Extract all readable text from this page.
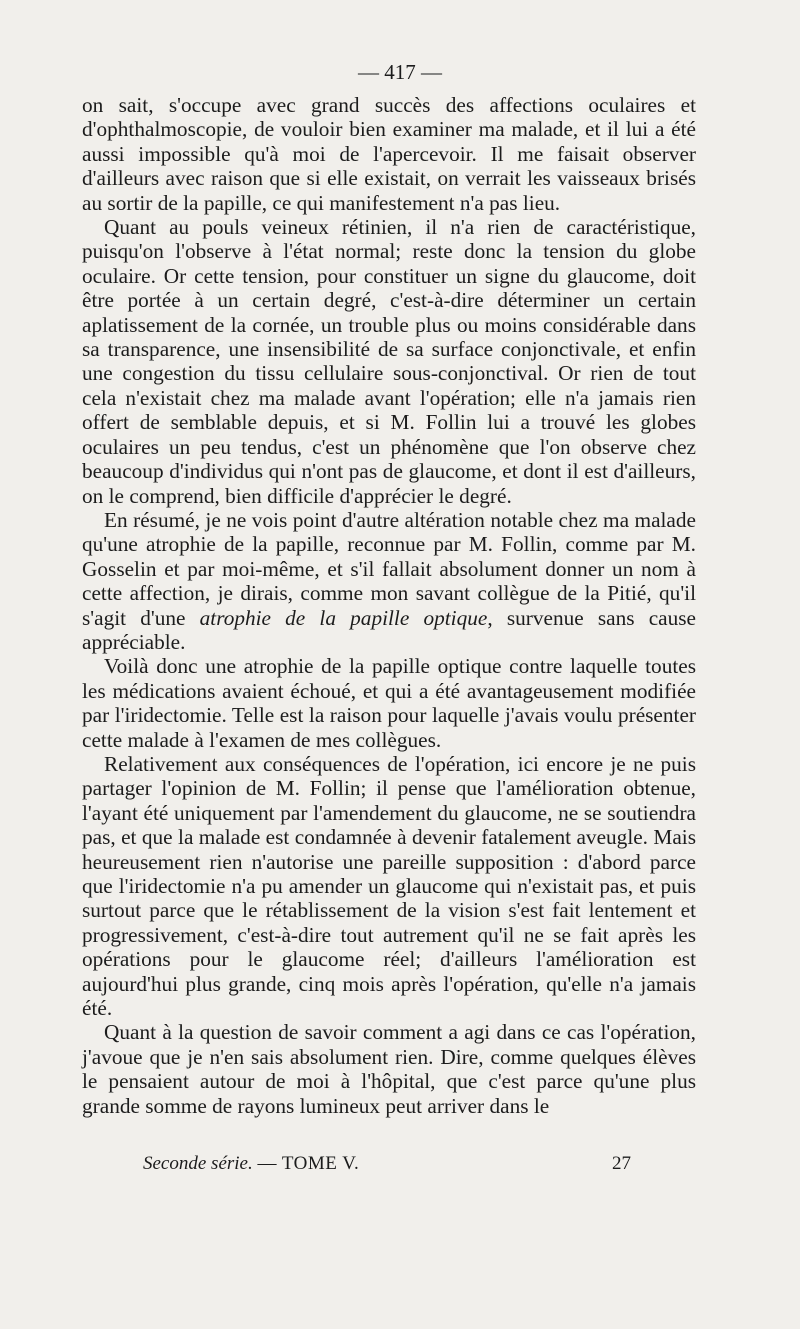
— 417 —

on sait, s'occupe avec grand succès des affections oculaires et d'ophthalmoscopie, de vouloir bien examiner ma malade, et il lui a été aussi impossible qu'à moi de l'apercevoir. Il me faisait observer d'ailleurs avec raison que si elle existait, on verrait les vaisseaux brisés au sortir de la papille, ce qui manifestement n'a pas lieu.

Quant au pouls veineux rétinien, il n'a rien de caractéristique, puisqu'on l'observe à l'état normal; reste donc la tension du globe oculaire. Or cette tension, pour constituer un signe du glaucome, doit être portée à un certain degré, c'est-à-dire déterminer un certain aplatissement de la cornée, un trouble plus ou moins considérable dans sa transparence, une insensibilité de sa surface conjonctivale, et enfin une congestion du tissu cellulaire sous-conjonctival. Or rien de tout cela n'existait chez ma malade avant l'opération; elle n'a jamais rien offert de semblable depuis, et si M. Follin lui a trouvé les globes oculaires un peu tendus, c'est un phénomène que l'on observe chez beaucoup d'individus qui n'ont pas de glaucome, et dont il est d'ailleurs, on le comprend, bien difficile d'apprécier le degré.

En résumé, je ne vois point d'autre altération notable chez ma malade qu'une atrophie de la papille, reconnue par M. Follin, comme par M. Gosselin et par moi-même, et s'il fallait absolument donner un nom à cette affection, je dirais, comme mon savant collègue de la Pitié, qu'il s'agit d'une atrophie de la papille optique, survenue sans cause appréciable.

Voilà donc une atrophie de la papille optique contre laquelle toutes les médications avaient échoué, et qui a été avantageusement modifiée par l'iridectomie. Telle est la raison pour laquelle j'avais voulu présenter cette malade à l'examen de mes collègues.

Relativement aux conséquences de l'opération, ici encore je ne puis partager l'opinion de M. Follin; il pense que l'amélioration obtenue, l'ayant été uniquement par l'amendement du glaucome, ne se soutiendra pas, et que la malade est condamnée à devenir fatalement aveugle. Mais heureusement rien n'autorise une pareille supposition : d'abord parce que l'iridectomie n'a pu amender un glaucome qui n'existait pas, et puis surtout parce que le rétablissement de la vision s'est fait lentement et progressivement, c'est-à-dire tout autrement qu'il ne se fait après les opérations pour le glaucome réel; d'ailleurs l'amélioration est aujourd'hui plus grande, cinq mois après l'opération, qu'elle n'a jamais été.

Quant à la question de savoir comment a agi dans ce cas l'opération, j'avoue que je n'en sais absolument rien. Dire, comme quelques élèves le pensaient autour de moi à l'hôpital, que c'est parce qu'une plus grande somme de rayons lumineux peut arriver dans le

Seconde série. — TOME V.	27
